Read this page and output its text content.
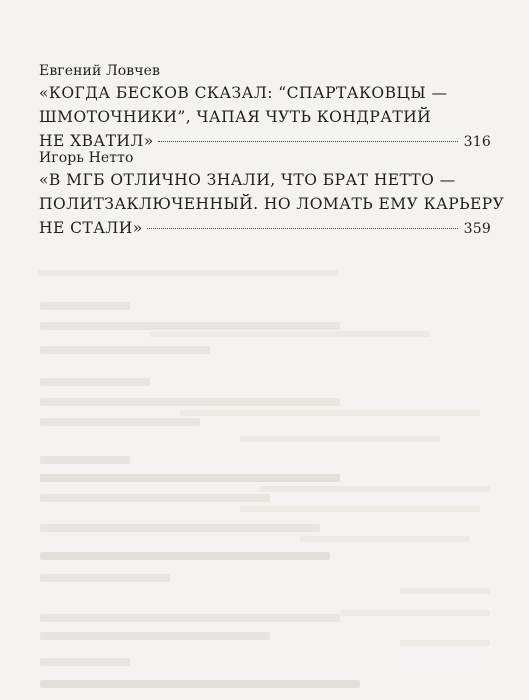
Евгений Ловчев
«КОГДА БЕСКОВ СКАЗАЛ: “СПАРТАКОВЦЫ —
ШМОТОЧНИКИ”, ЧАПАЯ ЧУТЬ КОНДРАТИЙ
НЕ ХВАТИЛ»	316
Игорь Нетто
«В МГБ ОТЛИЧНО ЗНАЛИ, ЧТО БРАТ НЕТТО —
ПОЛИТЗАКЛЮЧЕННЫЙ. НО ЛОМАТЬ ЕМУ КАРЬЕРУ
НЕ СТАЛИ»	359
